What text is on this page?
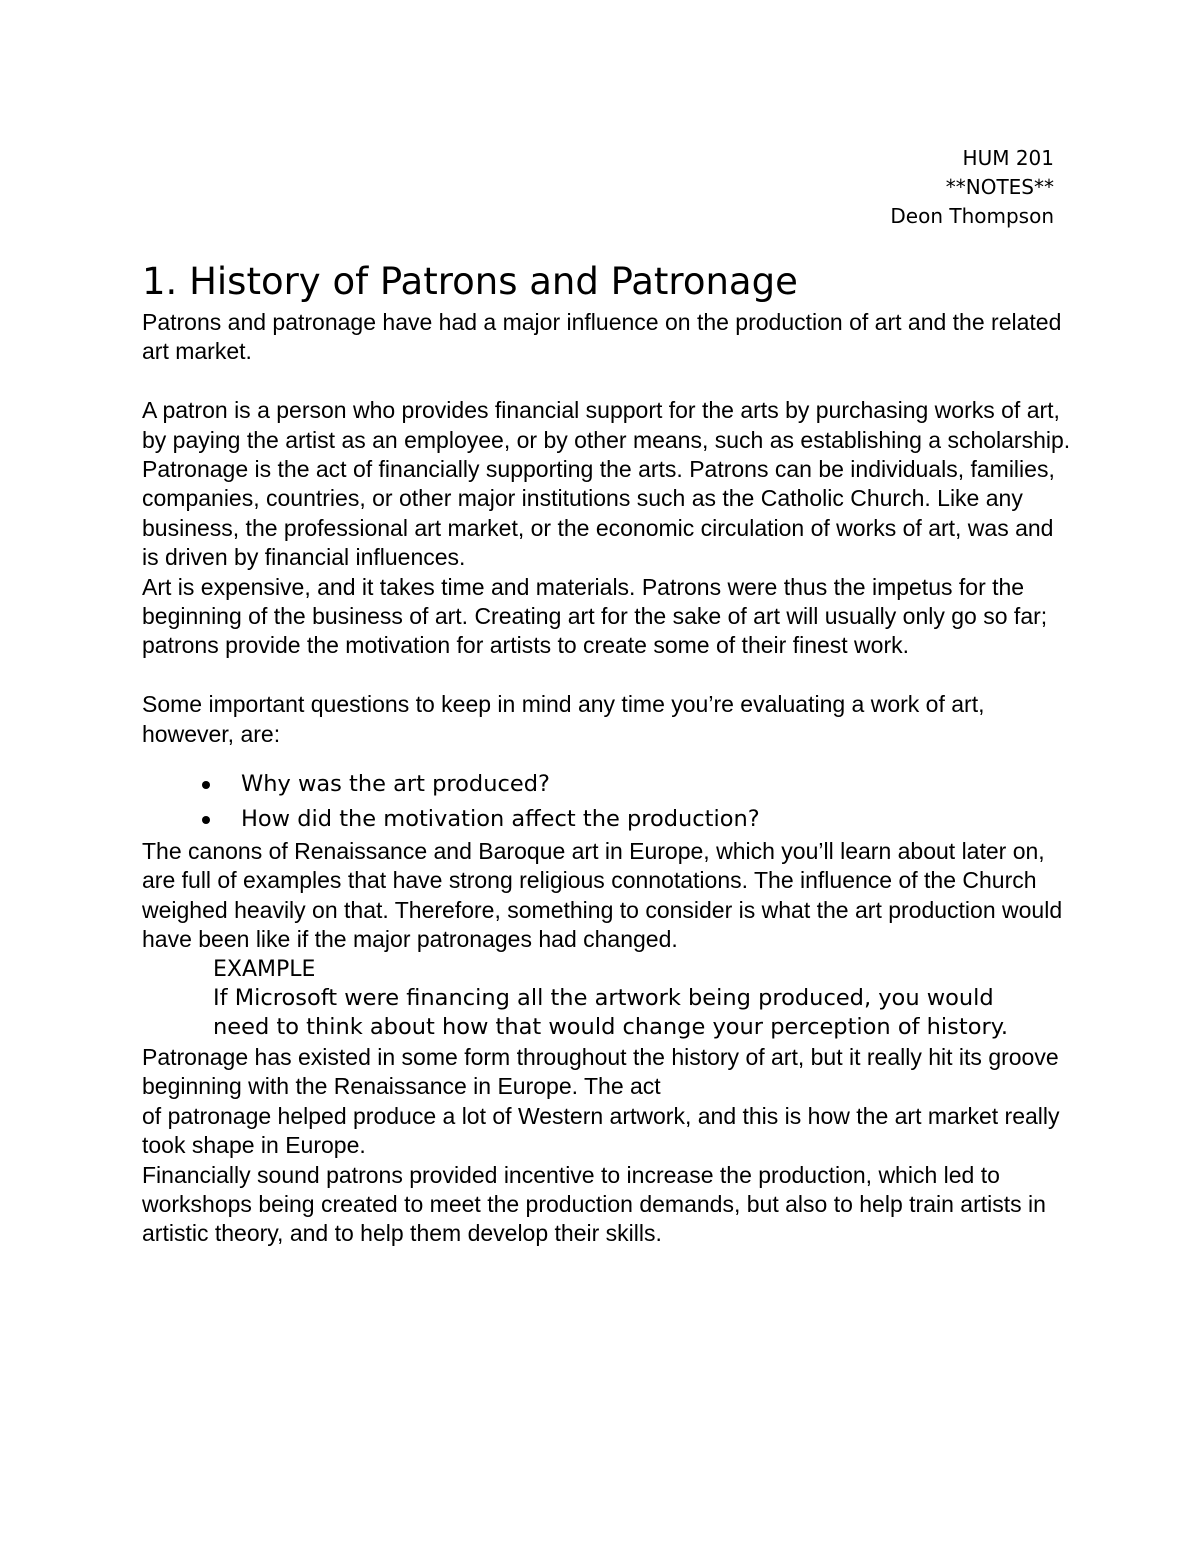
HUM 201
**NOTES**
Deon Thompson
1. History of Patrons and Patronage

Patrons and patronage have had a major influence on the production of art and the related art market.

A patron is a person who provides financial support for the arts by purchasing works of art, by paying the artist as an employee, or by other means, such as establishing a scholarship. Patronage is the act of financially supporting the arts. Patrons can be individuals, families, companies, countries, or other major institutions such as the Catholic Church. Like any business, the professional art market, or the economic circulation of works of art, was and is driven by financial influences.

Art is expensive, and it takes time and materials. Patrons were thus the impetus for the beginning of the business of art. Creating art for the sake of art will usually only go so far; patrons provide the motivation for artists to create some of their finest work.

Some important questions to keep in mind any time you’re evaluating a work of art, however, are:

Why was the art produced?
How did the motivation affect the production?

The canons of Renaissance and Baroque art in Europe, which you’ll learn about later on, are full of examples that have strong religious connotations. The influence of the Church weighed heavily on that. Therefore, something to consider is what the art production would have been like if the major patronages had changed.

EXAMPLE

If Microsoft were financing all the artwork being produced, you would need to think about how that would change your perception of history.

Patronage has existed in some form throughout the history of art, but it really hit its groove beginning with the Renaissance in Europe. The act

of patronage helped produce a lot of Western artwork, and this is how the art market really took shape in Europe.

Financially sound patrons provided incentive to increase the production, which led to workshops being created to meet the production demands, but also to help train artists in artistic theory, and to help them develop their skills.
